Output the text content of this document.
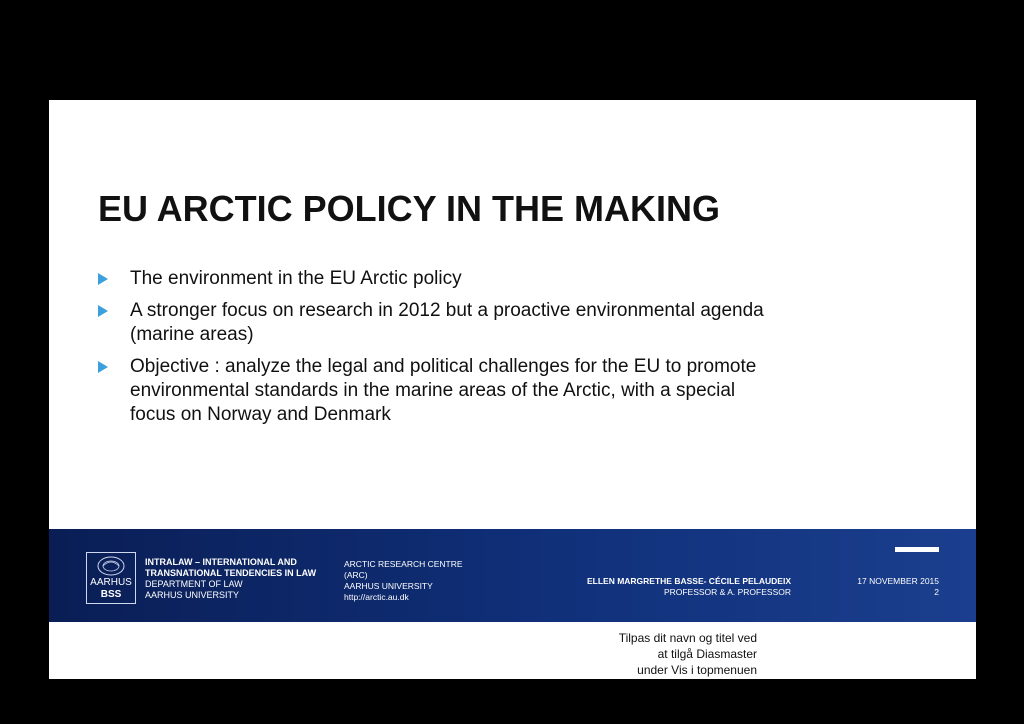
EU ARCTIC POLICY IN THE MAKING
The environment in the EU Arctic policy
A stronger focus on research in 2012 but a proactive environmental agenda (marine areas)
Objective : analyze the legal and political challenges for the EU to promote environmental standards in the marine areas of the Arctic, with a special focus on Norway and Denmark
AARHUS
BSS
INTRALAW – INTERNATIONAL AND
TRANSNATIONAL TENDENCIES IN LAW
DEPARTMENT OF LAW
AARHUS UNIVERSITY
ARCTIC RESEARCH CENTRE
(ARC)
AARHUS UNIVERSITY
http://arctic.au.dk
ELLEN MARGRETHE BASSE- CÉCILE PELAUDEIX
PROFESSOR & A. PROFESSOR
17 NOVEMBER 2015
2
Tilpas dit navn og titel ved
at tilgå Diasmaster
under Vis i topmenuen
